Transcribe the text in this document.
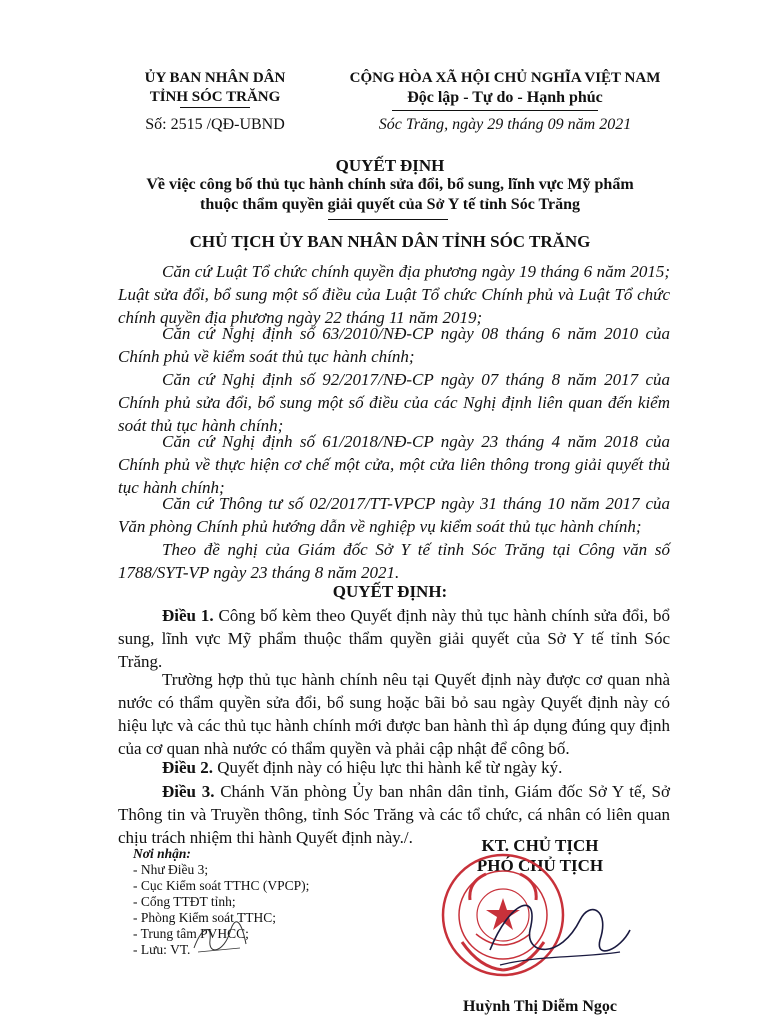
ỦY BAN NHÂN DÂN
TỈNH SÓC TRĂNG
Số: 2515 /QĐ-UBND
CỘNG HÒA XÃ HỘI CHỦ NGHĨA VIỆT NAM
Độc lập - Tự do - Hạnh phúc
Sóc Trăng, ngày 29 tháng 09 năm 2021
QUYẾT ĐỊNH
Về việc công bố thủ tục hành chính sửa đổi, bổ sung, lĩnh vực Mỹ phẩm
thuộc thẩm quyền giải quyết của Sở Y tế tỉnh Sóc Trăng
CHỦ TỊCH ỦY BAN NHÂN DÂN TỈNH SÓC TRĂNG
Căn cứ Luật Tổ chức chính quyền địa phương ngày 19 tháng 6 năm 2015; Luật sửa đổi, bổ sung một số điều của Luật Tổ chức Chính phủ và Luật Tổ chức chính quyền địa phương ngày 22 tháng 11 năm 2019;
Căn cứ Nghị định số 63/2010/NĐ-CP ngày 08 tháng 6 năm 2010 của Chính phủ về kiểm soát thủ tục hành chính;
Căn cứ Nghị định số 92/2017/NĐ-CP ngày 07 tháng 8 năm 2017 của Chính phủ sửa đổi, bổ sung một số điều của các Nghị định liên quan đến kiểm soát thủ tục hành chính;
Căn cứ Nghị định số 61/2018/NĐ-CP ngày 23 tháng 4 năm 2018 của Chính phủ về thực hiện cơ chế một cửa, một cửa liên thông trong giải quyết thủ tục hành chính;
Căn cứ Thông tư số 02/2017/TT-VPCP ngày 31 tháng 10 năm 2017 của Văn phòng Chính phủ hướng dẫn về nghiệp vụ kiểm soát thủ tục hành chính;
Theo đề nghị của Giám đốc Sở Y tế tỉnh Sóc Trăng tại Công văn số 1788/SYT-VP ngày 23 tháng 8 năm 2021.
QUYẾT ĐỊNH:
Điều 1. Công bố kèm theo Quyết định này thủ tục hành chính sửa đổi, bổ sung, lĩnh vực Mỹ phẩm thuộc thẩm quyền giải quyết của Sở Y tế tỉnh Sóc Trăng.
Trường hợp thủ tục hành chính nêu tại Quyết định này được cơ quan nhà nước có thẩm quyền sửa đổi, bổ sung hoặc bãi bỏ sau ngày Quyết định này có hiệu lực và các thủ tục hành chính mới được ban hành thì áp dụng đúng quy định của cơ quan nhà nước có thẩm quyền và phải cập nhật để công bố.
Điều 2. Quyết định này có hiệu lực thi hành kể từ ngày ký.
Điều 3. Chánh Văn phòng Ủy ban nhân dân tỉnh, Giám đốc Sở Y tế, Sở Thông tin và Truyền thông, tỉnh Sóc Trăng và các tổ chức, cá nhân có liên quan chịu trách nhiệm thi hành Quyết định này./.
Nơi nhận:
- Như Điều 3;
- Cục Kiểm soát TTHC (VPCP);
- Cổng TTĐT tỉnh;
- Phòng Kiểm soát TTHC;
- Trung tâm PVHCC;
- Lưu: VT.
KT. CHỦ TỊCH
PHÓ CHỦ TỊCH
Huỳnh Thị Diễm Ngọc
